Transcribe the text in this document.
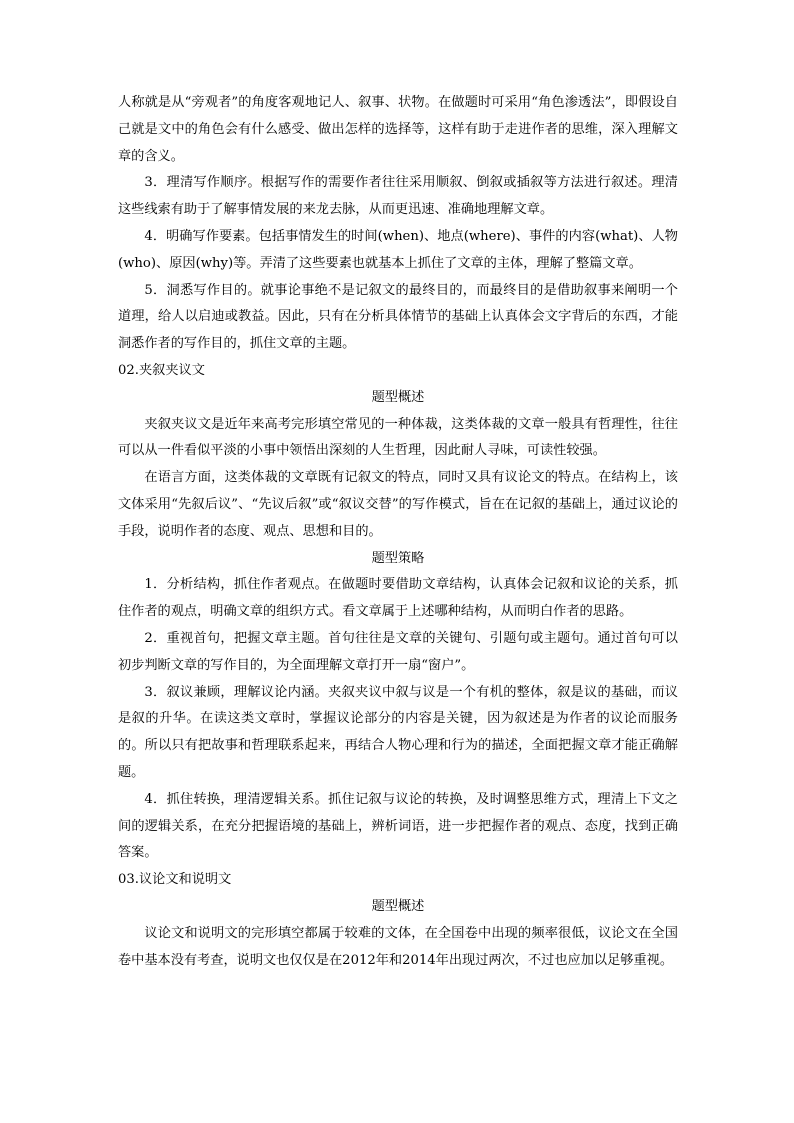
人称就是从“旁观者”的角度客观地记人、叙事、状物。在做题时可采用“角色渗透法”，即假设自己就是文中的角色会有什么感受、做出怎样的选择等，这样有助于走进作者的思维，深入理解文章的含义。

3．理清写作顺序。根据写作的需要作者往往采用顺叙、倒叙或插叙等方法进行叙述。理清这些线索有助于了解事情发展的来龙去脉，从而更迅速、准确地理解文章。

4．明确写作要素。包括事情发生的时间(when)、地点(where)、事件的内容(what)、人物(who)、原因(why)等。弄清了这些要素也就基本上抓住了文章的主体，理解了整篇文章。

5．洞悉写作目的。就事论事绝不是记叙文的最终目的，而最终目的是借助叙事来阐明一个道理，给人以启迪或教益。因此，只有在分析具体情节的基础上认真体会文字背后的东西，才能洞悉作者的写作目的，抓住文章的主题。

02.夹叙夹议文

题型概述

夹叙夹议文是近年来高考完形填空常见的一种体裁，这类体裁的文章一般具有哲理性，往往可以从一件看似平淡的小事中领悟出深刻的人生哲理，因此耐人寻味，可读性较强。

在语言方面，这类体裁的文章既有记叙文的特点，同时又具有议论文的特点。在结构上，该文体采用“先叙后议”、“先议后叙”或“叙议交替”的写作模式，旨在在记叙的基础上，通过议论的手段，说明作者的态度、观点、思想和目的。

题型策略

1．分析结构，抓住作者观点。在做题时要借助文章结构，认真体会记叙和议论的关系，抓住作者的观点，明确文章的组织方式。看文章属于上述哪种结构，从而明白作者的思路。

2．重视首句，把握文章主题。首句往往是文章的关键句、引题句或主题句。通过首句可以初步判断文章的写作目的，为全面理解文章打开一扇“窗户”。

3．叙议兼顾，理解议论内涵。夹叙夹议中叙与议是一个有机的整体，叙是议的基础，而议是叙的升华。在读这类文章时，掌握议论部分的内容是关键，因为叙述是为作者的议论而服务的。所以只有把故事和哲理联系起来，再结合人物心理和行为的描述，全面把握文章才能正确解题。

4．抓住转换，理清逻辑关系。抓住记叙与议论的转换，及时调整思维方式，理清上下文之间的逻辑关系，在充分把握语境的基础上，辨析词语，进一步把握作者的观点、态度，找到正确答案。

03.议论文和说明文

题型概述

议论文和说明文的完形填空都属于较难的文体，在全国卷中出现的频率很低，议论文在全国卷中基本没有考查，说明文也仅仅是在2012年和2014年出现过两次，不过也应加以足够重视。
